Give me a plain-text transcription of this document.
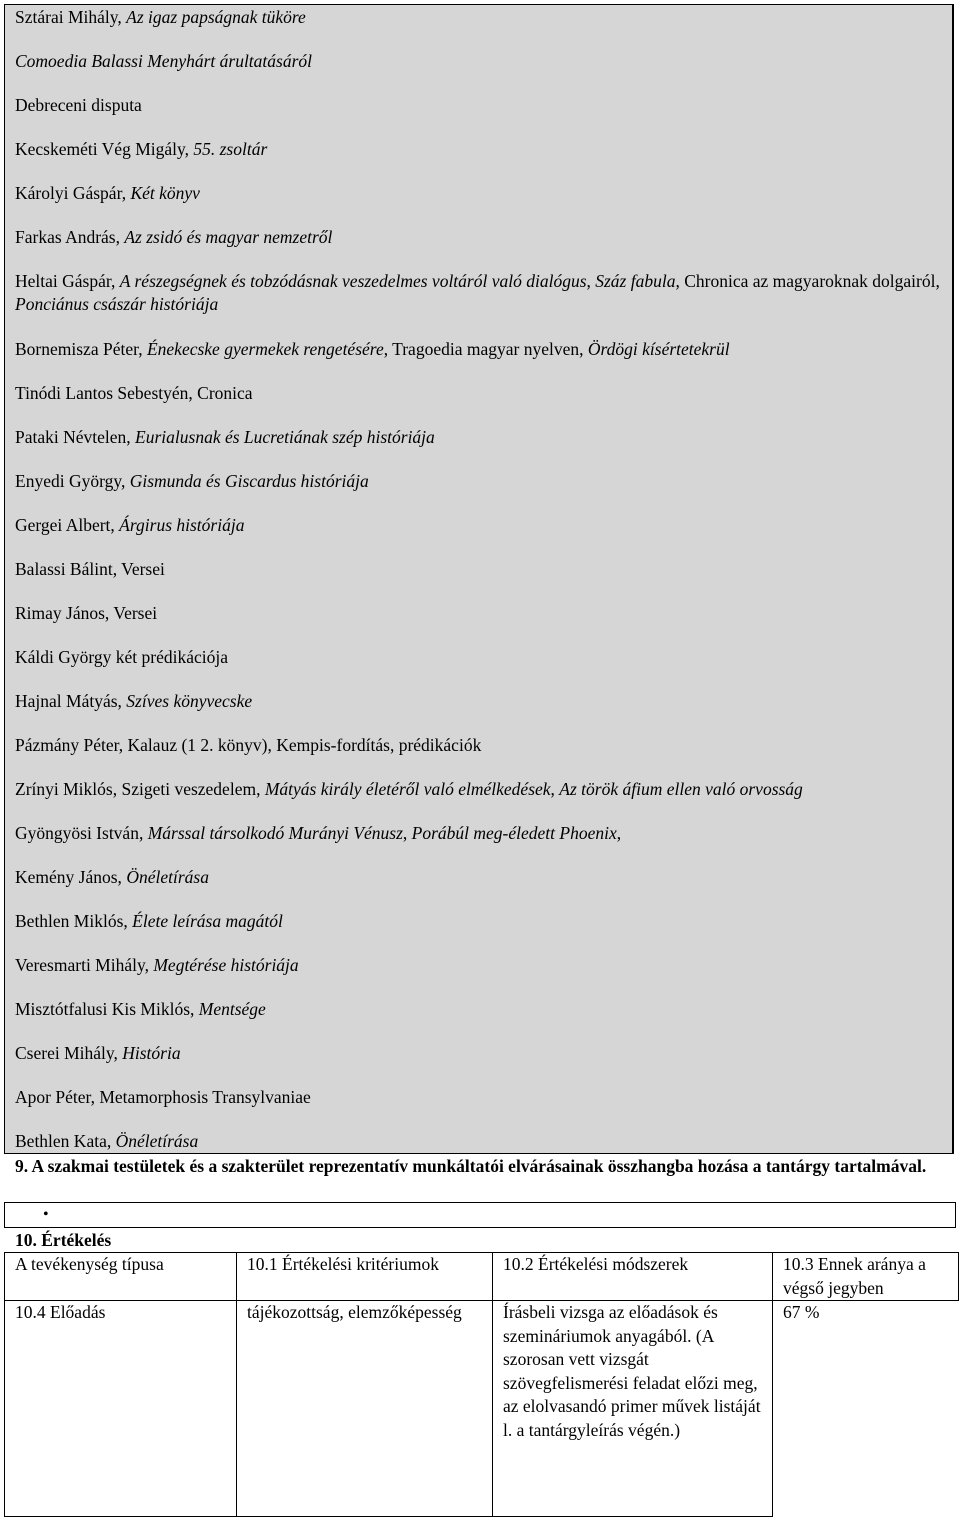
Sztárai Mihály, Az igaz papságnak tüköre
Comoedia Balassi Menyhárt árultatásáról
Debreceni disputa
Kecskeméti Vég Migály, 55. zsoltár
Károlyi Gáspár, Két könyv
Farkas András, Az zsidó és magyar nemzetről
Heltai Gáspár, A részegségnek és tobzódásnak veszedelmes voltáról való dialógus, Száz fabula, Chronica az magyaroknak dolgairól, Ponciánus császár históriája
Bornemisza Péter, Énekecske gyermekek rengetésére, Tragoedia magyar nyelven, Ördögi kísértetekrül
Tinódi Lantos Sebestyén, Cronica
Pataki Névtelen, Eurialusnak és Lucretiának szép históriája
Enyedi György, Gismunda és Giscardus históriája
Gergei Albert, Árgirus históriája
Balassi Bálint, Versei
Rimay János, Versei
Káldi György két prédikációja
Hajnal Mátyás, Szíves könyvecske
Pázmány Péter, Kalauz (1 2. könyv), Kempis-fordítás, prédikációk
Zrínyi Miklós, Szigeti veszedelem, Mátyás király életéről való elmélkedések, Az török áfium ellen való orvosság
Gyöngyösi István, Márssal társolkodó Murányi Vénusz, Porábúl meg-éledett Phoenix,
Kemény János, Önéletírása
Bethlen Miklós, Élete leírása magától
Veresmarti Mihály, Megtérése históriája
Misztótfalusi Kis Miklós, Mentsége
Cserei Mihály, História
Apor Péter, Metamorphosis Transylvaniae
Bethlen Kata, Önéletírása
9. A szakmai testületek és a szakterület reprezentatív munkáltatói elvárásainak összhangba hozása a tantárgy tartalmával.
•
10. Értékelés
A tevékenység típusa	10.1 Értékelési kritériumok	10.2 Értékelési módszerek	10.3 Ennek aránya a végső jegyben
10.4 Előadás	tájékozottság, elemzőképesség	Írásbeli vizsga az előadások és szemináriumok anyagából. (A szorosan vett vizsgát szövegfelismerési feladat előzi meg, az elolvasandó primer művek listáját l. a tantárgyleírás végén.)	67 %
